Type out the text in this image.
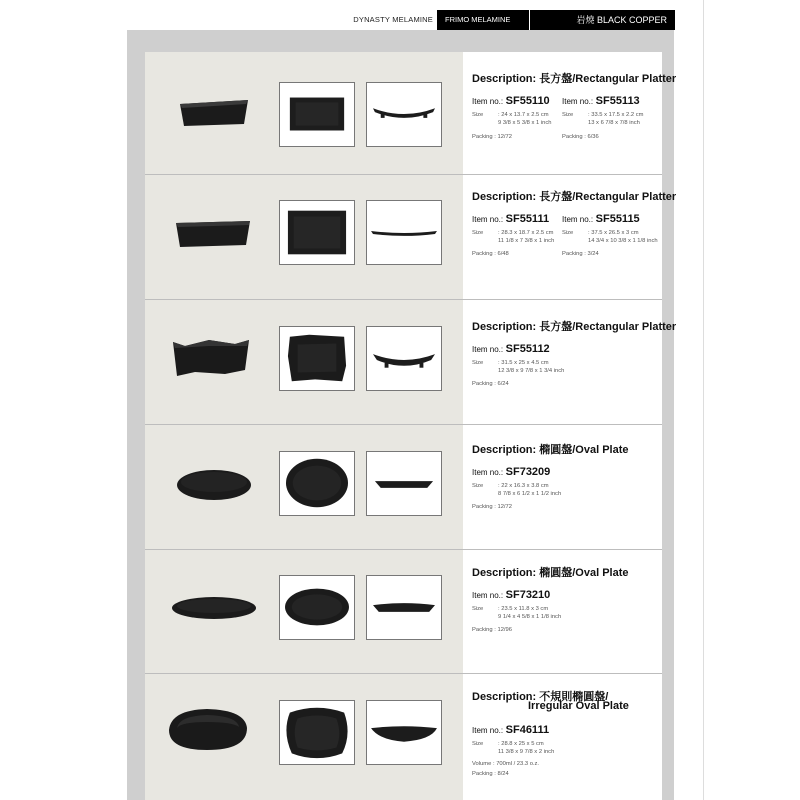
DYNASTY MELAMINE	FRIMO MELAMINE	岩燒 BLACK COPPER
Description: 長方盤/Rectangular Platter
Item no.: SF55110 Item no.: SF55113
Size	: 24 x 13.7 x 2.5 cm
9 3/8 x 5 3/8 x 1 inch
Size	: 33.5 x 17.5 x 2.2 cm
13 x 6 7/8 x 7/8 inch
Packing : 12/72	Packing : 6/36
Description: 長方盤/Rectangular Platter
Item no.: SF55111 Item no.: SF55115
Size	: 28.3 x 18.7 x 2.5 cm
11 1/8 x 7 3/8 x 1 inch
Size	: 37.5 x 26.5 x 3 cm
14 3/4 x 10 3/8 x 1 1/8 inch
Packing : 6/48	Packing : 3/24
Description: 長方盤/Rectangular Platter
Item no.: SF55112
Size	: 31.5 x 25 x 4.5 cm
12 3/8 x 9 7/8 x 1 3/4 inch
Packing : 6/24
Description: 橢圓盤/Oval Plate
Item no.: SF73209
Size	: 22 x 16.3 x 3.8 cm
8 7/8 x 6 1/2 x 1 1/2 inch
Packing : 12/72
Description: 橢圓盤/Oval Plate
Item no.: SF73210
Size	: 23.5 x 11.8 x 3 cm
9 1/4 x 4 5/8 x 1 1/8 inch
Packing : 12/96
Description: 不規則橢圓盤/
Irregular Oval Plate
Item no.: SF46111
Size	: 28.8 x 25 x 5 cm
11 3/8 x 9 7/8 x 2 inch
Volume : 700ml / 23.3 o.z.
Packing : 8/24
